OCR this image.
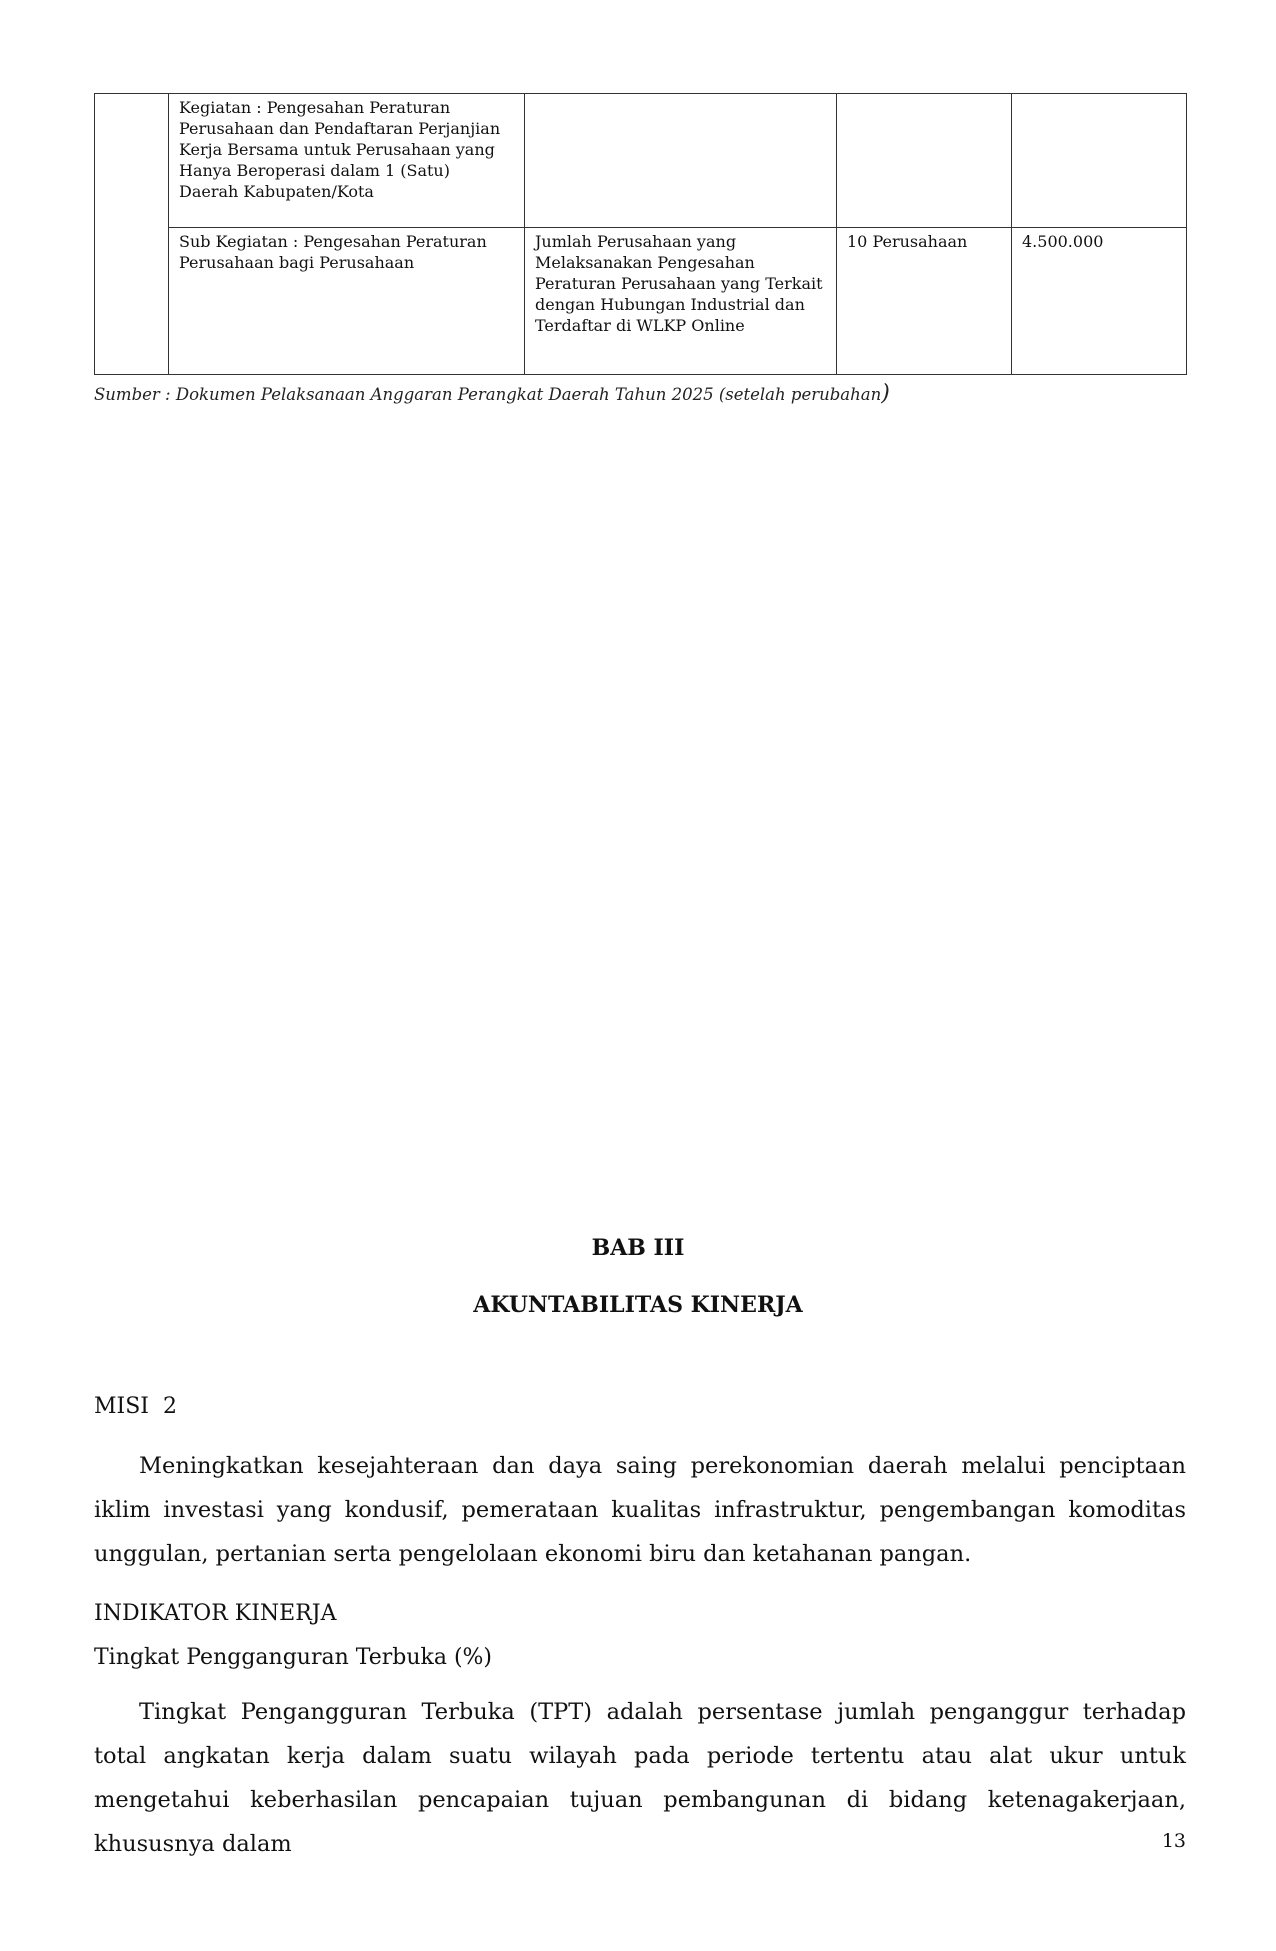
	Kegiatan : Pengesahan Peraturan Perusahaan dan Pendaftaran Perjanjian Kerja Bersama untuk Perusahaan yang Hanya Beroperasi dalam 1 (Satu) Daerah Kabupaten/Kota			
	Sub Kegiatan : Pengesahan Peraturan Perusahaan bagi Perusahaan	Jumlah Perusahaan yang Melaksanakan Pengesahan Peraturan Perusahaan yang Terkait dengan Hubungan Industrial dan Terdaftar di WLKP Online	10 Perusahaan	4.500.000
Sumber : Dokumen Pelaksanaan Anggaran Perangkat Daerah Tahun 2025 (setelah perubahan)
BAB III
AKUNTABILITAS KINERJA
MISI  2

Meningkatkan kesejahteraan dan daya saing perekonomian daerah melalui penciptaan iklim investasi yang kondusif, pemerataan kualitas infrastruktur, pengembangan komoditas unggulan, pertanian serta pengelolaan ekonomi biru dan ketahanan pangan.

INDIKATOR KINERJA
Tingkat Pengganguran Terbuka (%)

Tingkat Pengangguran Terbuka (TPT) adalah persentase jumlah penganggur terhadap total angkatan kerja dalam suatu wilayah pada periode tertentu atau alat ukur untuk mengetahui keberhasilan pencapaian tujuan pembangunan di bidang ketenagakerjaan, khususnya dalam	13
